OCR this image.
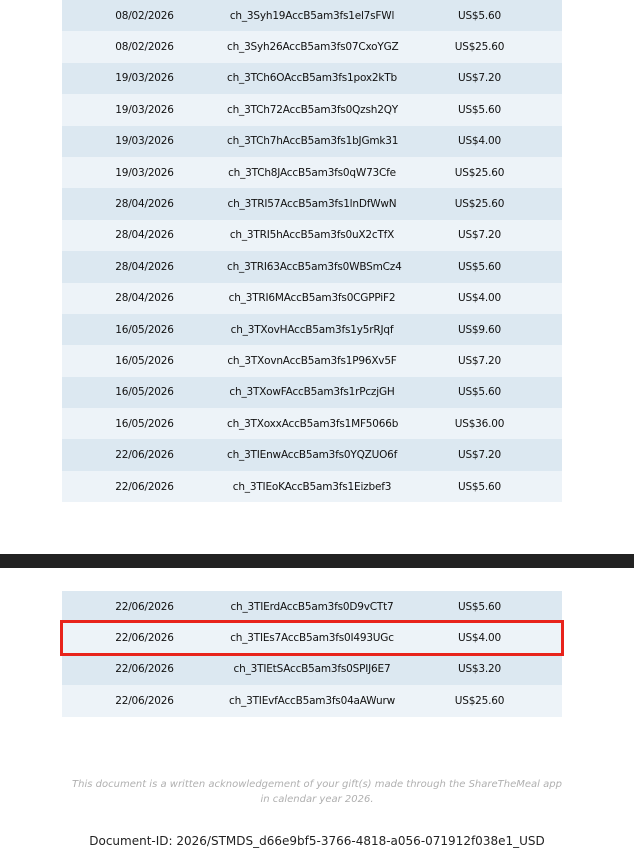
08/02/2026	ch_3Syh19AccB5am3fs1el7sFWl	US$5.60
08/02/2026	ch_3Syh26AccB5am3fs07CxoYGZ	US$25.60
19/03/2026	ch_3TCh6OAccB5am3fs1pox2kTb	US$7.20
19/03/2026	ch_3TCh72AccB5am3fs0Qzsh2QY	US$5.60
19/03/2026	ch_3TCh7hAccB5am3fs1bJGmk31	US$4.00
19/03/2026	ch_3TCh8JAccB5am3fs0qW73Cfe	US$25.60
28/04/2026	ch_3TRI57AccB5am3fs1lnDfWwN	US$25.60
28/04/2026	ch_3TRI5hAccB5am3fs0uX2cTfX	US$7.20
28/04/2026	ch_3TRI63AccB5am3fs0WBSmCz4	US$5.60
28/04/2026	ch_3TRI6MAccB5am3fs0CGPPiF2	US$4.00
16/05/2026	ch_3TXovHAccB5am3fs1y5rRJqf	US$9.60
16/05/2026	ch_3TXovnAccB5am3fs1P96Xv5F	US$7.20
16/05/2026	ch_3TXowFAccB5am3fs1rPczjGH	US$5.60
16/05/2026	ch_3TXoxxAccB5am3fs1MF5066b	US$36.00
22/06/2026	ch_3TIEnwAccB5am3fs0YQZUO6f	US$7.20
22/06/2026	ch_3TIEoKAccB5am3fs1Eizbef3	US$5.60
22/06/2026	ch_3TIErdAccB5am3fs0D9vCTt7	US$5.60
22/06/2026	ch_3TIEs7AccB5am3fs0I493UGc	US$4.00
22/06/2026	ch_3TIEtSAccB5am3fs0SPIJ6E7	US$3.20
22/06/2026	ch_3TIEvfAccB5am3fs04aAWurw	US$25.60
This document is a written acknowledgement of your gift(s) made through the ShareTheMeal app in calendar year 2026.
Document-ID: 2026/STMDS_d66e9bf5-3766-4818-a056-071912f038e1_USD
